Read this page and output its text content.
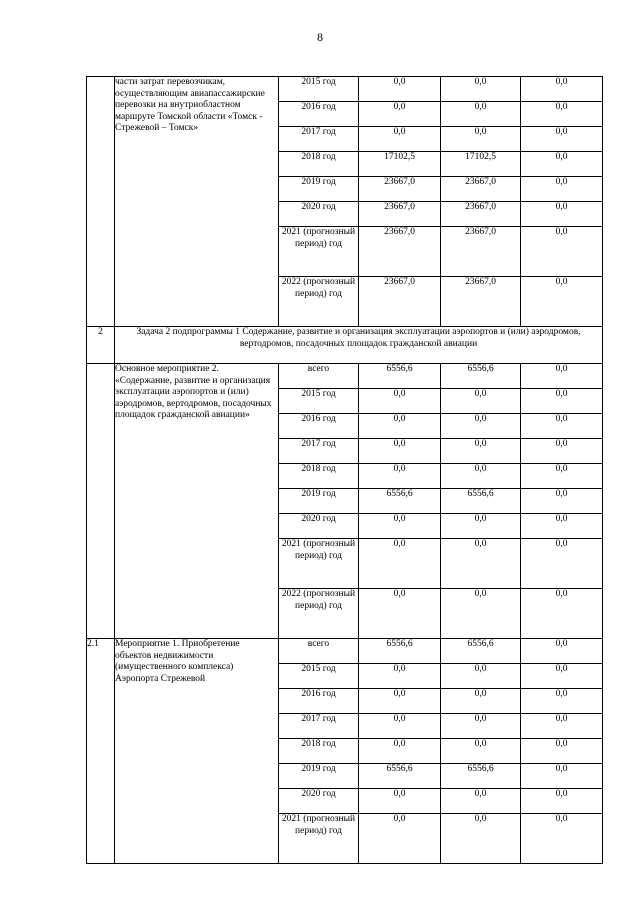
8
	части затрат перевозчикам, осуществляющим авиапассажирские перевозки на внутриобластном маршруте Томской области «Томск - Стрежевой – Томск»	2015 год	0,0	0,0	0,0
		2016 год	0,0	0,0	0,0
		2017 год	0,0	0,0	0,0
		2018 год	17102,5	17102,5	0,0
		2019 год	23667,0	23667,0	0,0
		2020 год	23667,0	23667,0	0,0
		2021 (прогнозный период) год	23667,0	23667,0	0,0
		2022 (прогнозный период) год	23667,0	23667,0	0,0
2	Задача 2 подпрограммы 1 Содержание, развитие и организация эксплуатации аэропортов и (или) аэродромов, вертодромов, посадочных площадок гражданской авиации				
	Основное мероприятие 2. «Содержание, развитие и организация эксплуатации аэропортов и (или) аэродромов, вертодромов, посадочных площадок гражданской авиации»	всего	6556,6	6556,6	0,0
		2015 год	0,0	0,0	0,0
		2016 год	0,0	0,0	0,0
		2017 год	0,0	0,0	0,0
		2018 год	0,0	0,0	0,0
		2019 год	6556,6	6556,6	0,0
		2020 год	0,0	0,0	0,0
		2021 (прогнозный период) год	0,0	0,0	0,0
		2022 (прогнозный период) год	0,0	0,0	0,0
2.1	Мероприятие 1. Приобретение объектов недвижимости (имущественного комплекса) Аэропорта Стрежевой	всего	6556,6	6556,6	0,0
		2015 год	0,0	0,0	0,0
		2016 год	0,0	0,0	0,0
		2017 год	0,0	0,0	0,0
		2018 год	0,0	0,0	0,0
		2019 год	6556,6	6556,6	0,0
		2020 год	0,0	0,0	0,0
		2021 (прогнозный период) год	0,0	0,0	0,0
